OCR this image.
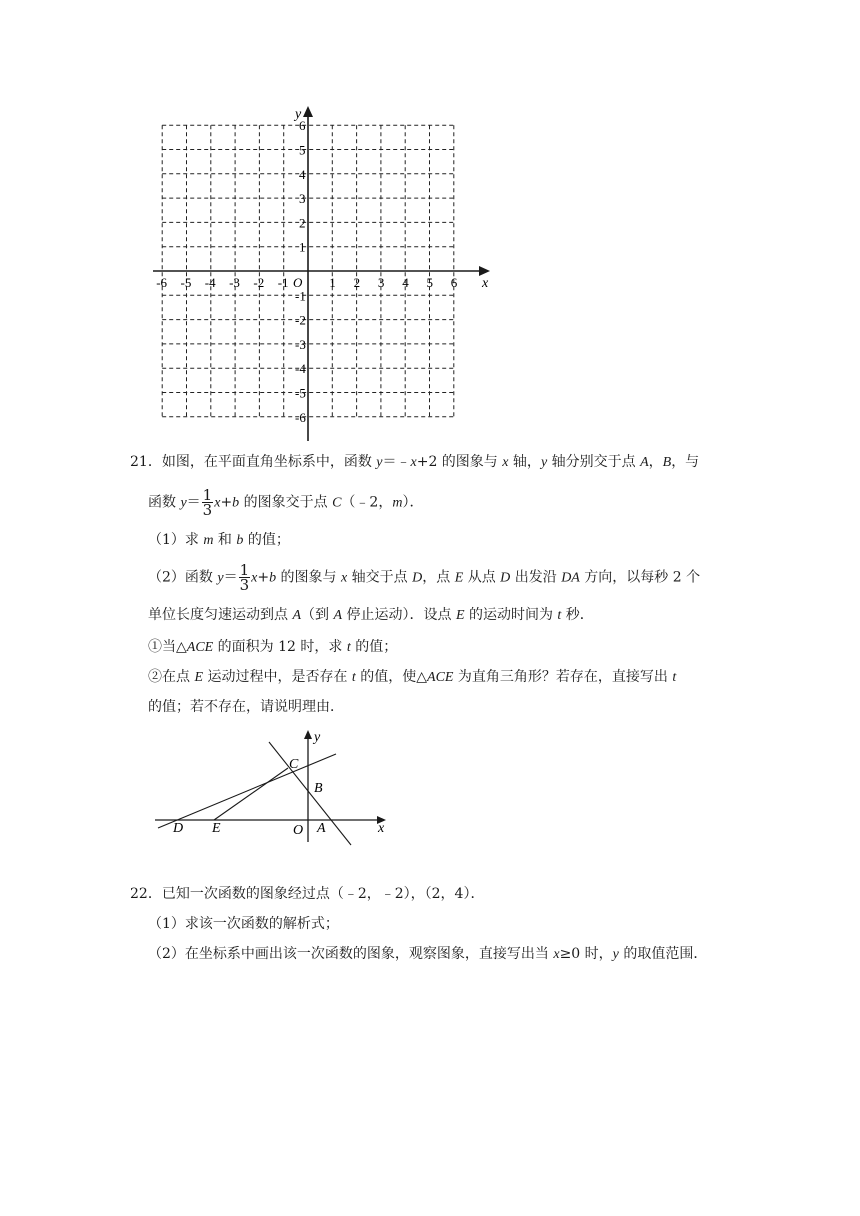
x
y
O
-6 -5 -4 -3 -2 -1	1 2 3 4 5 6
6
5
4
3
2
1
-1
-2
-3
-4
-5
-6
21．如图，在平面直角坐标系中，函数 y＝﹣x+2 的图象与 x 轴，y 轴分别交于点 A，B，与
函数 $y= \frac{1}{3} x+b$ 的图象交于点 C（﹣2，m）．
（1）求 m 和 b 的值；
（2）函数 $y= \frac{1}{3} x+b$ 的图象与 x 轴交于点 D，点 E 从点 D 出发沿 DA 方向，以每秒 2 个
单位长度匀速运动到点 A（到 A 停止运动）．设点 E 的运动时间为 t 秒．
①当△ACE 的面积为 12 时，求 t 的值；
②在点 E 运动过程中，是否存在 t 的值，使△ACE 为直角三角形？若存在，直接写出 t
的值；若不存在，请说明理由．
y
x
C
B
D E	O A
22．已知一次函数的图象经过点（﹣2，﹣2），（2，4）．
（1）求该一次函数的解析式；
（2）在坐标系中画出该一次函数的图象，观察图象，直接写出当 x≥0 时，y 的取值范围．
